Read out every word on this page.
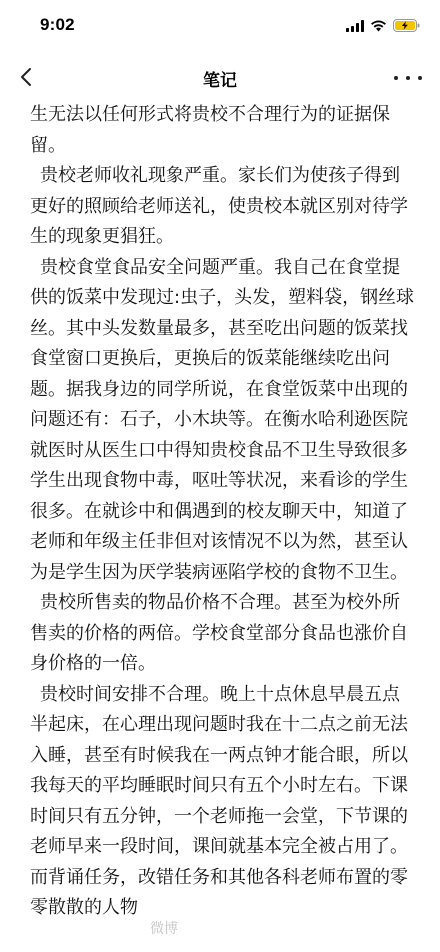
9:02
笔记

生无法以任何形式将贵校不合理行为的证据保留。

贵校老师收礼现象严重。家长们为使孩子得到更好的照顾给老师送礼，使贵校本就区别对待学生的现象更猖狂。

贵校食堂食品安全问题严重。我自己在食堂提供的饭菜中发现过:虫子，头发，塑料袋，钢丝球丝。其中头发数量最多，甚至吃出问题的饭菜找食堂窗口更换后，更换后的饭菜能继续吃出问题。据我身边的同学所说，在食堂饭菜中出现的问题还有：石子，小木块等。在衡水哈利逊医院就医时从医生口中得知贵校食品不卫生导致很多学生出现食物中毒，呕吐等状况，来看诊的学生很多。在就诊中和偶遇到的校友聊天中，知道了老师和年级主任非但对该情况不以为然，甚至认为是学生因为厌学装病诬陷学校的食物不卫生。

贵校所售卖的物品价格不合理。甚至为校外所售卖的价格的两倍。学校食堂部分食品也涨价自身价格的一倍。

贵校时间安排不合理。晚上十点休息早晨五点半起床，在心理出现问题时我在十二点之前无法入睡，甚至有时候我在一两点钟才能合眼，所以我每天的平均睡眠时间只有五个小时左右。下课时间只有五分钟，一个老师拖一会堂，下节课的老师早来一段时间，课间就基本完全被占用了。而背诵任务，改错任务和其他各科老师布置的零零散散的人物

微博
